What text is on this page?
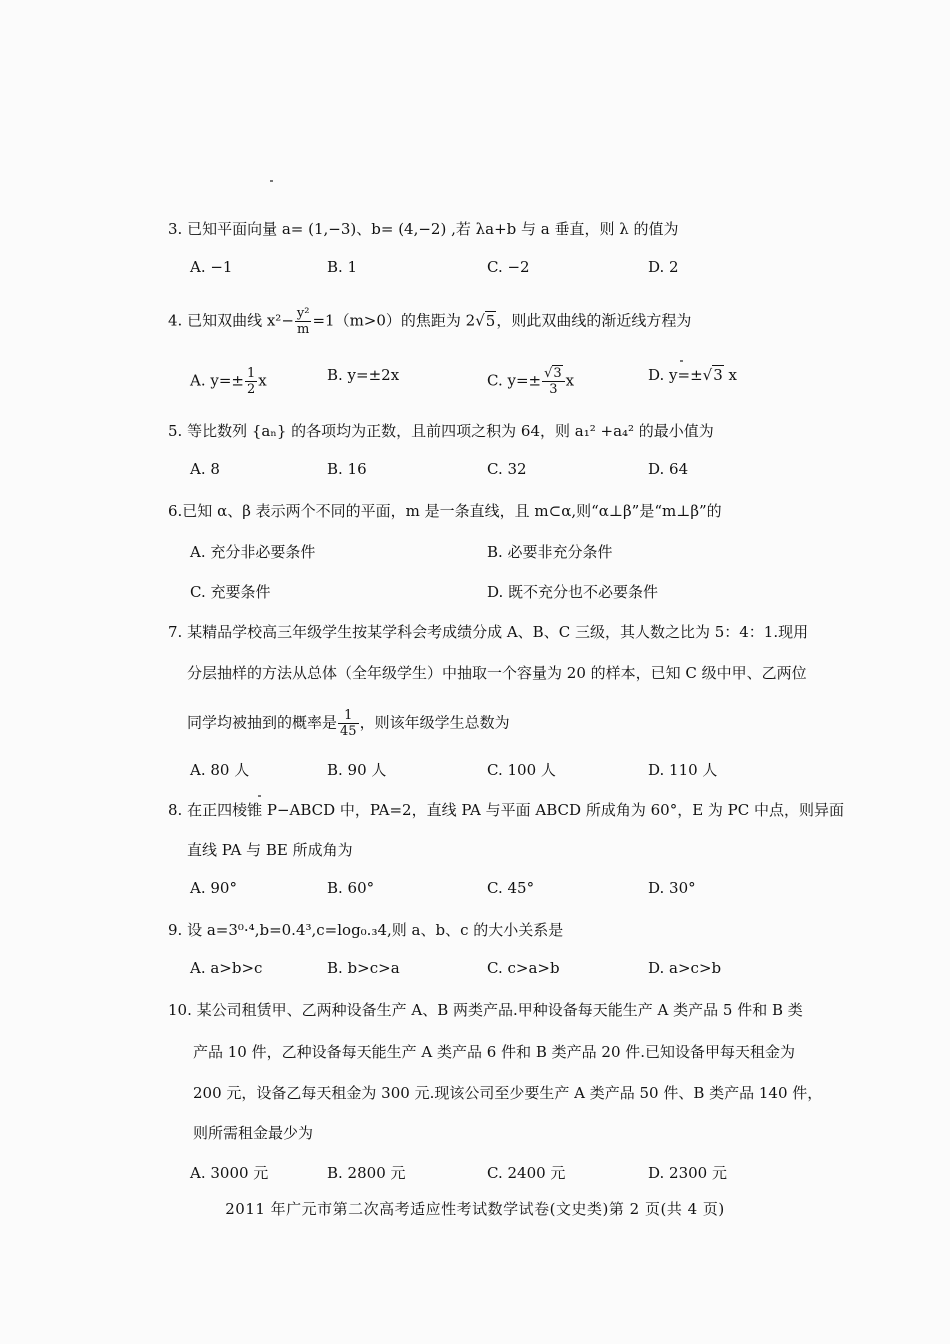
3. 已知平面向量 a= (1,−3)、b= (4,−2) ,若 λa+b 与 a 垂直，则 λ 的值为
A. −1	B. 1	C. −2	D. 2
4. 已知双曲线 $x^2- \frac{\text{y²}}{m} =1(m>0)$的焦距为 2√5，则此双曲线的渐近线方程为
A. $y=\pm \frac{1}{2}$ x	B. y=±2x	C. $y=\pm \frac{√3}{3}$ x	D. y=±√3 x
5. 等比数列 {aₙ} 的各项均为正数，且前四项之积为 64，则 a₁² +a₄² 的最小值为
A. 8	B. 16	C. 32	D. 64
6.已知 α、β 表示两个不同的平面，m 是一条直线，且 m⊂α,则“α⊥β”是“m⊥β”的
A. 充分非必要条件	B. 必要非充分条件
C. 充要条件	D. 既不充分也不必要条件
7. 某精品学校高三年级学生按某学科会考成绩分成 A、B、C 三级，其人数之比为 5：4：1.现用
分层抽样的方法从总体（全年级学生）中抽取一个容量为 20 的样本，已知 C 级中甲、乙两位
同学均被抽到的概率是 $\frac{1}{45}$ ，则该年级学生总数为
A. 80 人	B. 90 人	C. 100 人	D. 110 人
8. 在正四棱锥 P−ABCD 中，PA=2，直线 PA 与平面 ABCD 所成角为 60°，E 为 PC 中点，则异面
直线 PA 与 BE 所成角为
A. 90°	B. 60°	C. 45°	D. 30°
9. 设 a=3⁰·⁴,b=0.4³,c=log₀.₃4,则 a、b、c 的大小关系是
A. a>b>c	B. b>c>a	C. c>a>b	D. a>c>b
10. 某公司租赁甲、乙两种设备生产 A、B 两类产品.甲种设备每天能生产 A 类产品 5 件和 B 类
产品 10 件，乙种设备每天能生产 A 类产品 6 件和 B 类产品 20 件.已知设备甲每天租金为
200 元，设备乙每天租金为 300 元.现该公司至少要生产 A 类产品 50 件、B 类产品 140 件，
则所需租金最少为
A. 3000 元	B. 2800 元	C. 2400 元	D. 2300 元
2011 年广元市第二次高考适应性考试数学试卷(文史类)第 2 页(共 4 页)
